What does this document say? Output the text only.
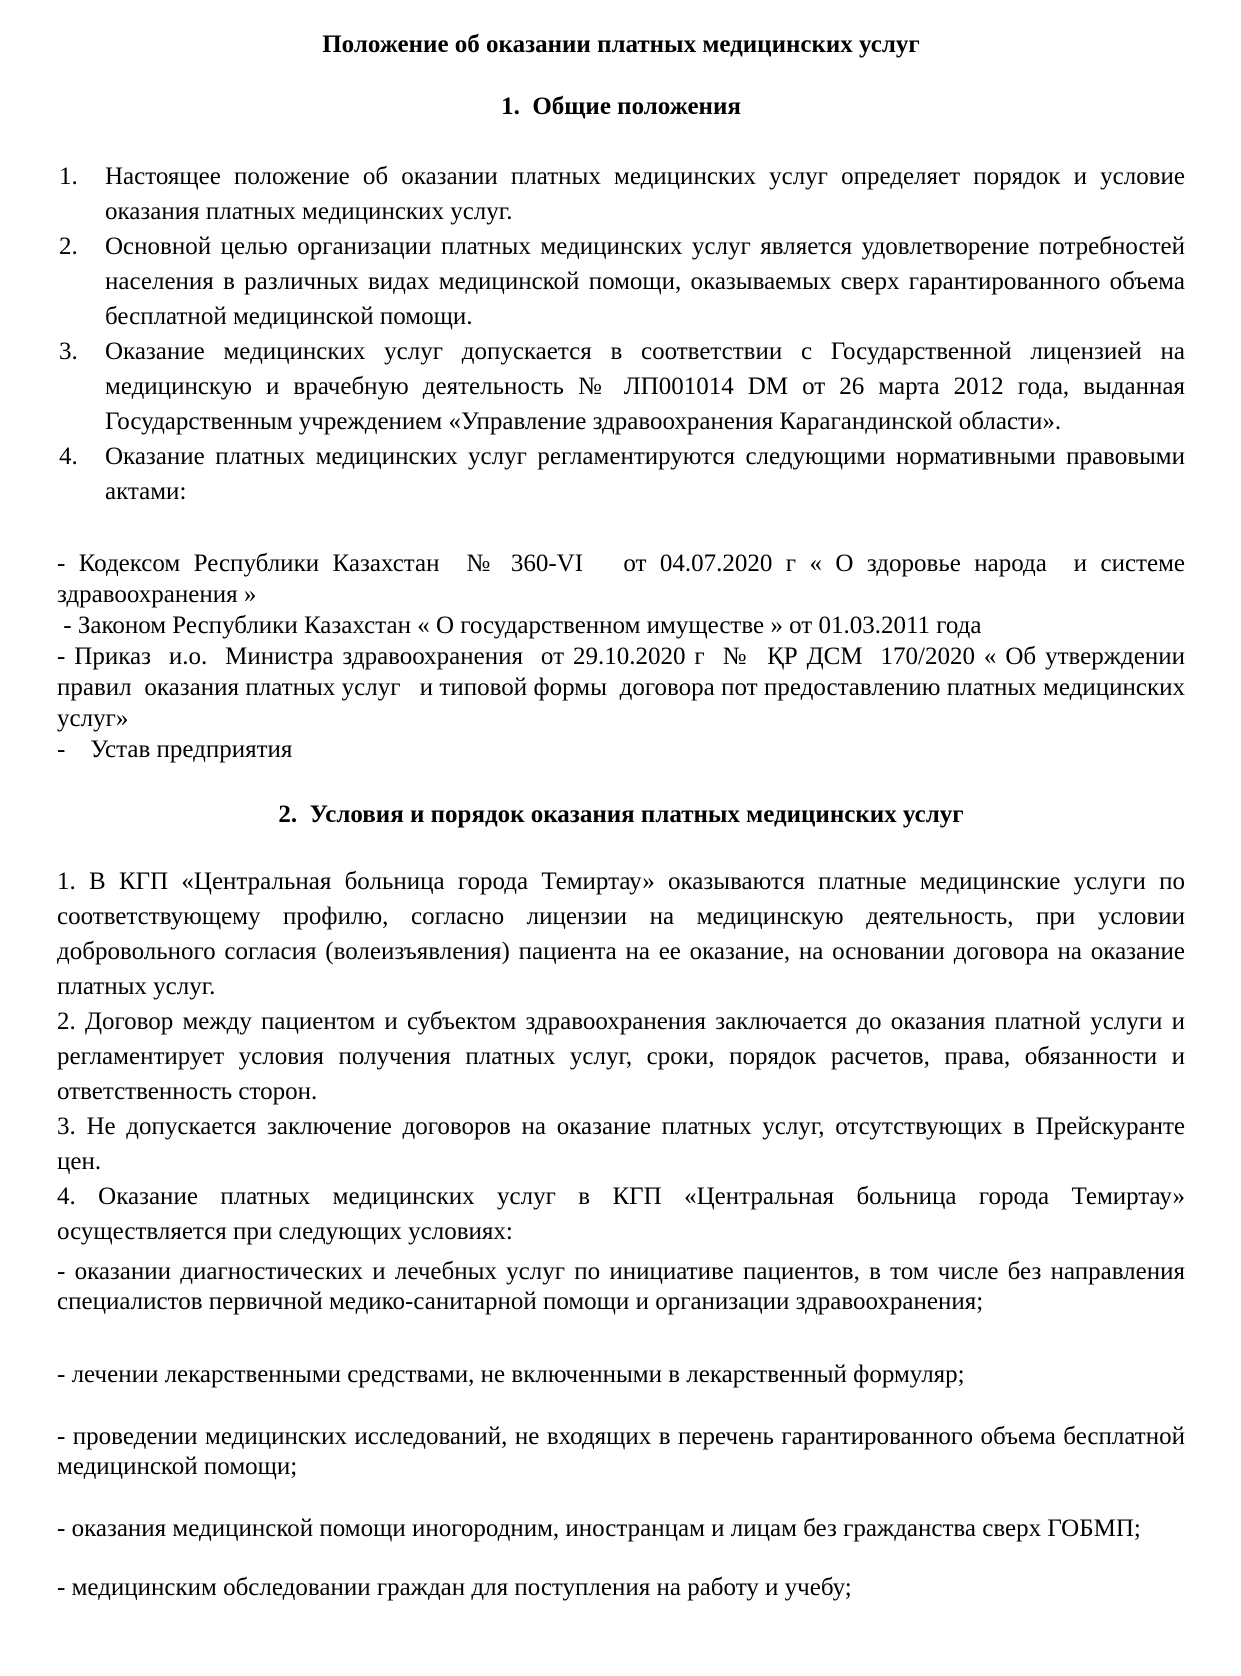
Положение об оказании платных медицинских услуг
1.  Общие положения
1. Настоящее положение об оказании платных медицинских услуг определяет порядок и условие оказания платных медицинских услуг.
2. Основной целью организации платных медицинских услуг является удовлетворение потребностей населения в различных видах медицинской помощи, оказываемых сверх гарантированного объема бесплатной медицинской помощи.
3. Оказание медицинских услуг допускается в соответствии с Государственной лицензией на медицинскую и врачебную деятельность № ЛП001014 DM от 26 марта 2012 года, выданная Государственным учреждением «Управление здравоохранения Карагандинской области».
4. Оказание платных медицинских услуг регламентируются следующими нормативными правовыми актами:
- Кодексом Республики Казахстан  № 360-VI   от 04.07.2020 г « О здоровье народа  и системе здравоохранения »
- Законом Республики Казахстан « О государственном имуществе » от 01.03.2011 года
- Приказ  и.о.  Министра здравоохранения  от 29.10.2020 г  №  ҚР ДСМ  170/2020 « Об утверждении правил  оказания платных услуг   и типовой формы  договора пот предоставлению платных медицинских услуг»
-    Устав предприятия
2.  Условия и порядок оказания платных медицинских услуг
1. В КГП «Центральная больница города Темиртау» оказываются платные медицинские услуги по соответствующему профилю, согласно лицензии на медицинскую деятельность, при условии добровольного согласия (волеизъявления) пациента на ее оказание, на основании договора на оказание платных услуг.
2. Договор между пациентом и субъектом здравоохранения заключается до оказания платной услуги и регламентирует условия получения платных услуг, сроки, порядок расчетов, права, обязанности и ответственность сторон.
3. Не допускается заключение договоров на оказание платных услуг, отсутствующих в Прейскуранте цен.
4. Оказание платных медицинских услуг в КГП «Центральная больница города Темиртау» осуществляется при следующих условиях:
- оказании диагностических и лечебных услуг по инициативе пациентов, в том числе без направления специалистов первичной медико-санитарной помощи и организации здравоохранения;
- лечении лекарственными средствами, не включенными в лекарственный формуляр;
- проведении медицинских исследований, не входящих в перечень гарантированного объема бесплатной медицинской помощи;
- оказания медицинской помощи иногородним, иностранцам и лицам без гражданства сверх ГОБМП;
- медицинским обследовании граждан для поступления на работу и учебу;
